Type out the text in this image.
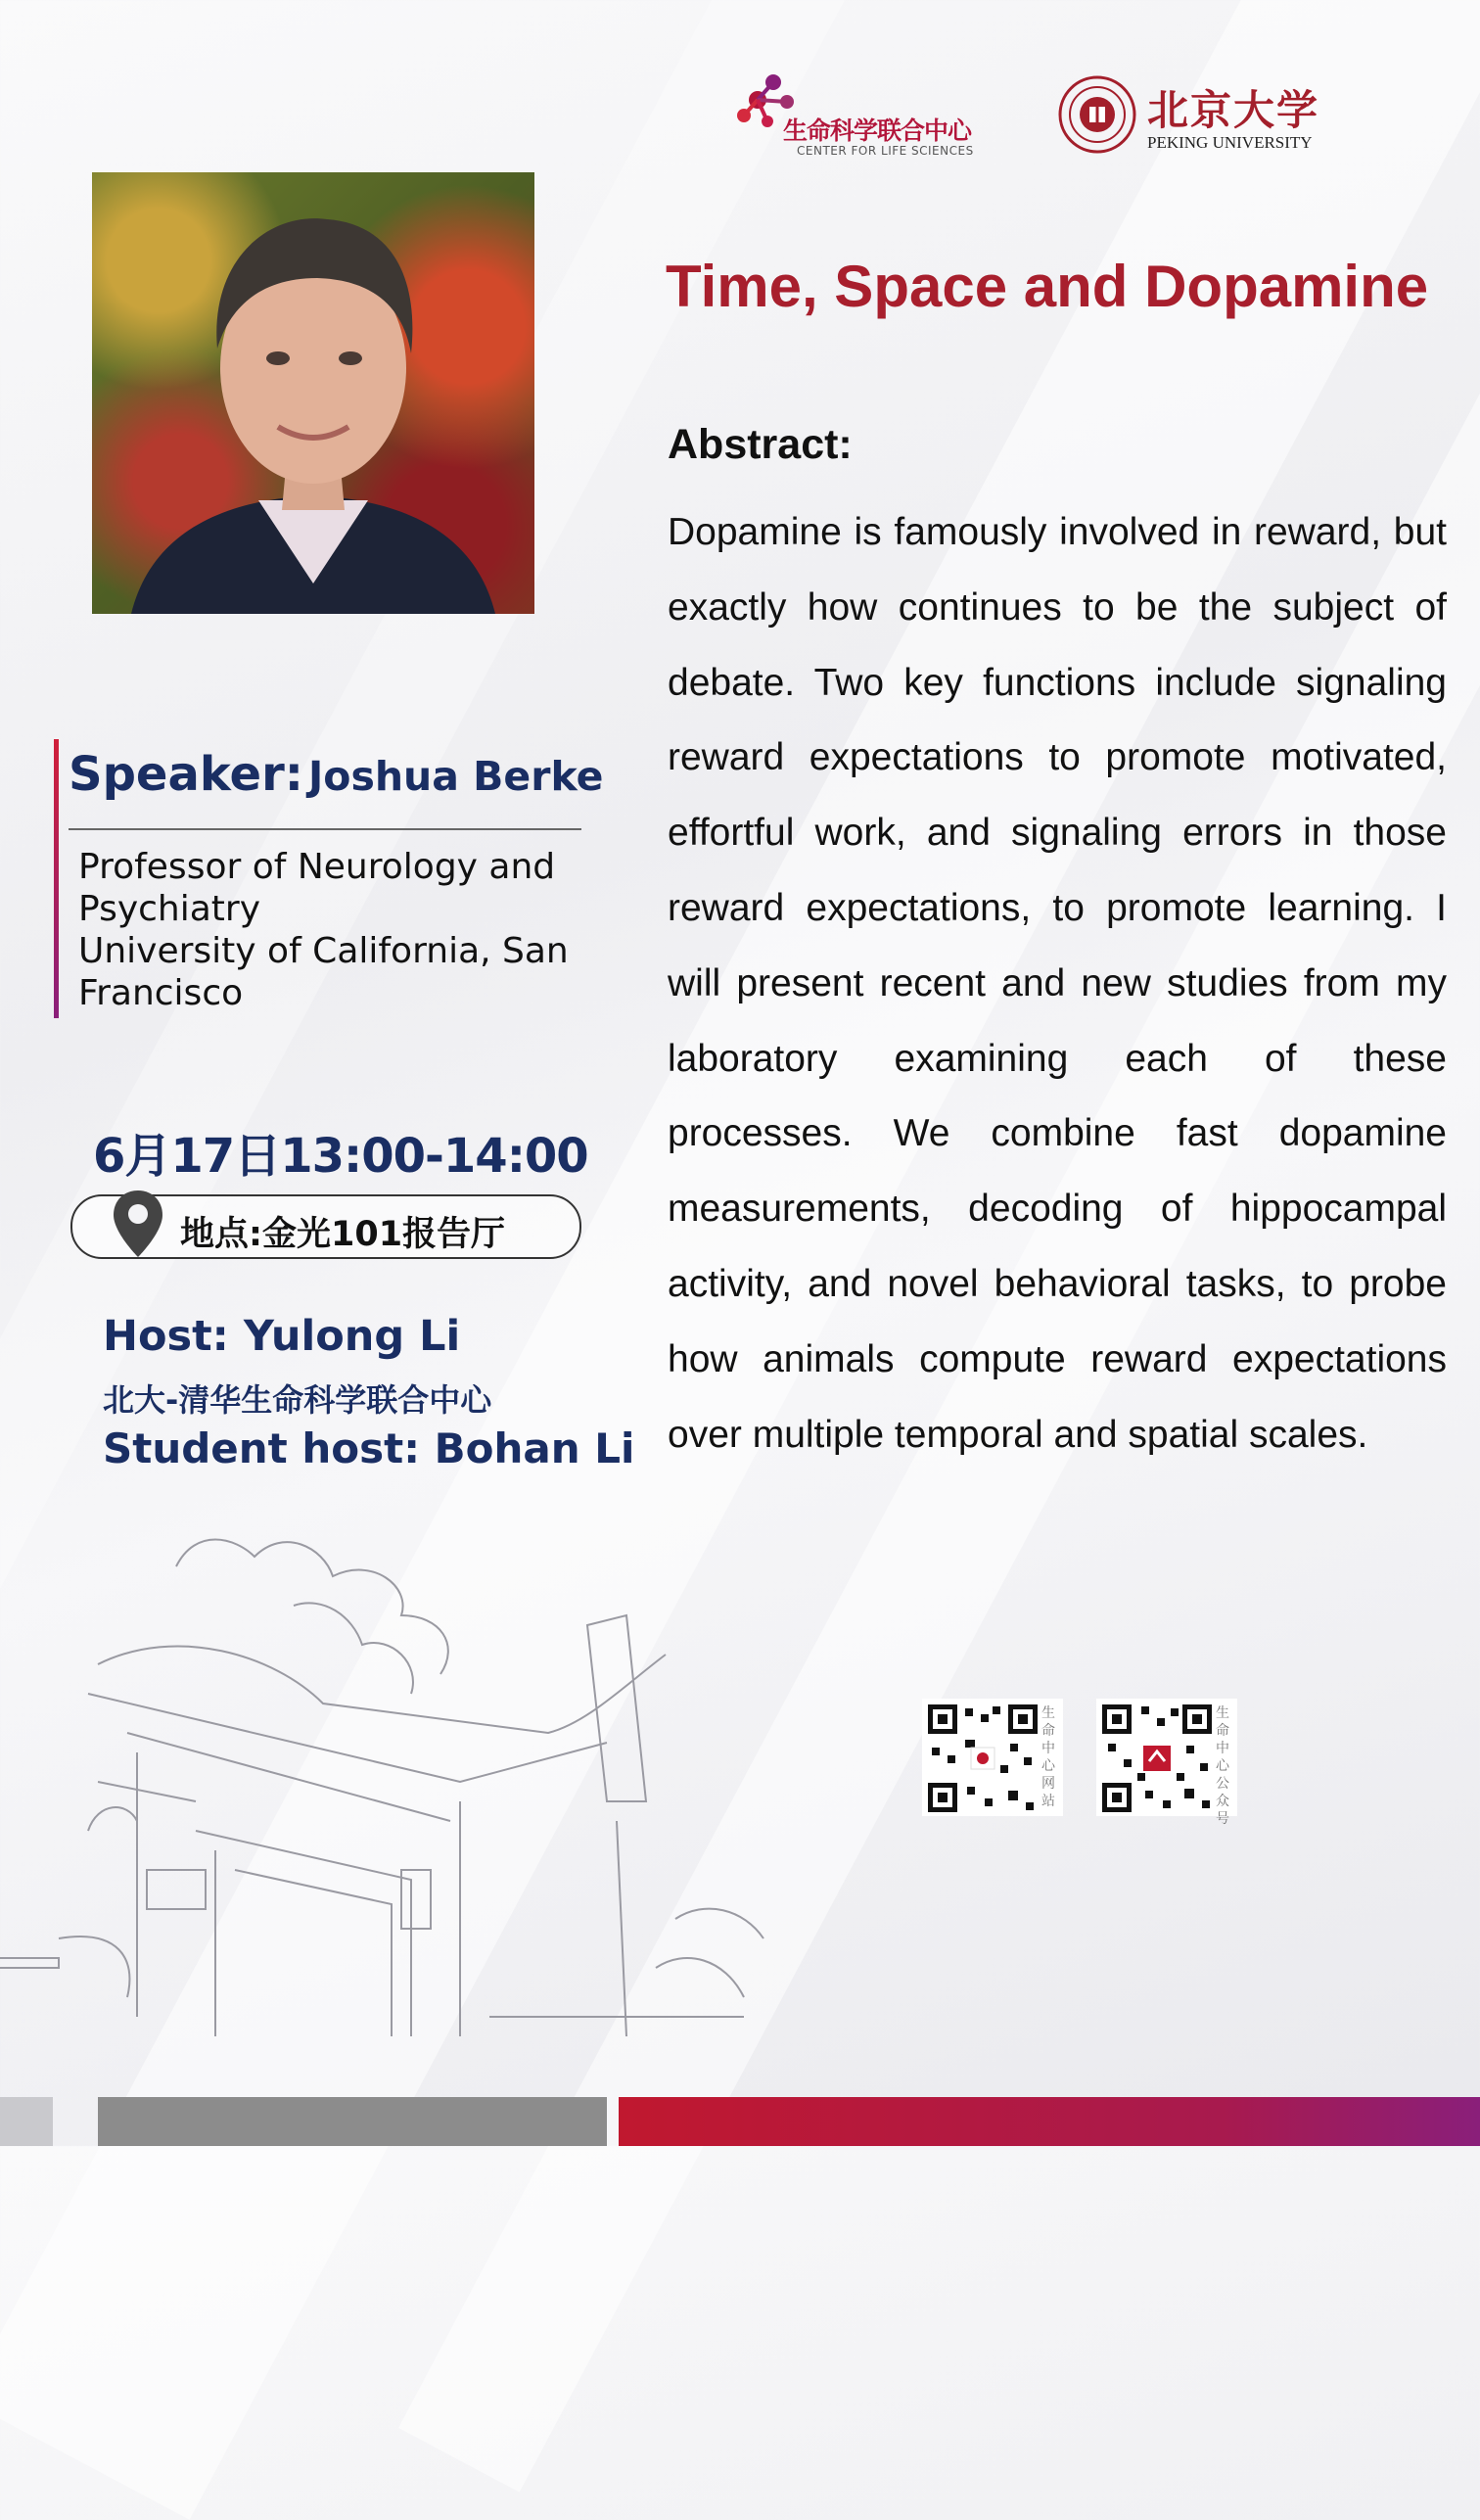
生命科学联合中心
CENTER FOR LIFE SCIENCES
北京大学
PEKING UNIVERSITY
Time, Space and Dopamine
Abstract:

Dopamine is famously involved in reward, but exactly how continues to be the subject of debate. Two key functions include signaling reward expectations to promote motivated, effortful work, and signaling errors in those reward expectations, to promote learning. I will present recent and new studies from my laboratory examining each of these processes. We combine fast dopamine measurements, decoding of hippocampal activity, and novel behavioral tasks, to probe how animals compute reward expectations over multiple temporal and spatial scales.

Speaker: Joshua Berke
Professor of Neurology and
Psychiatry
University of California, San
Francisco
6月17日13:00-14:00
地点:金光101报告厅
Host: Yulong Li
北大-清华生命科学联合中心
Student host: Bohan Li
生命中心网站
生命中心公众号
